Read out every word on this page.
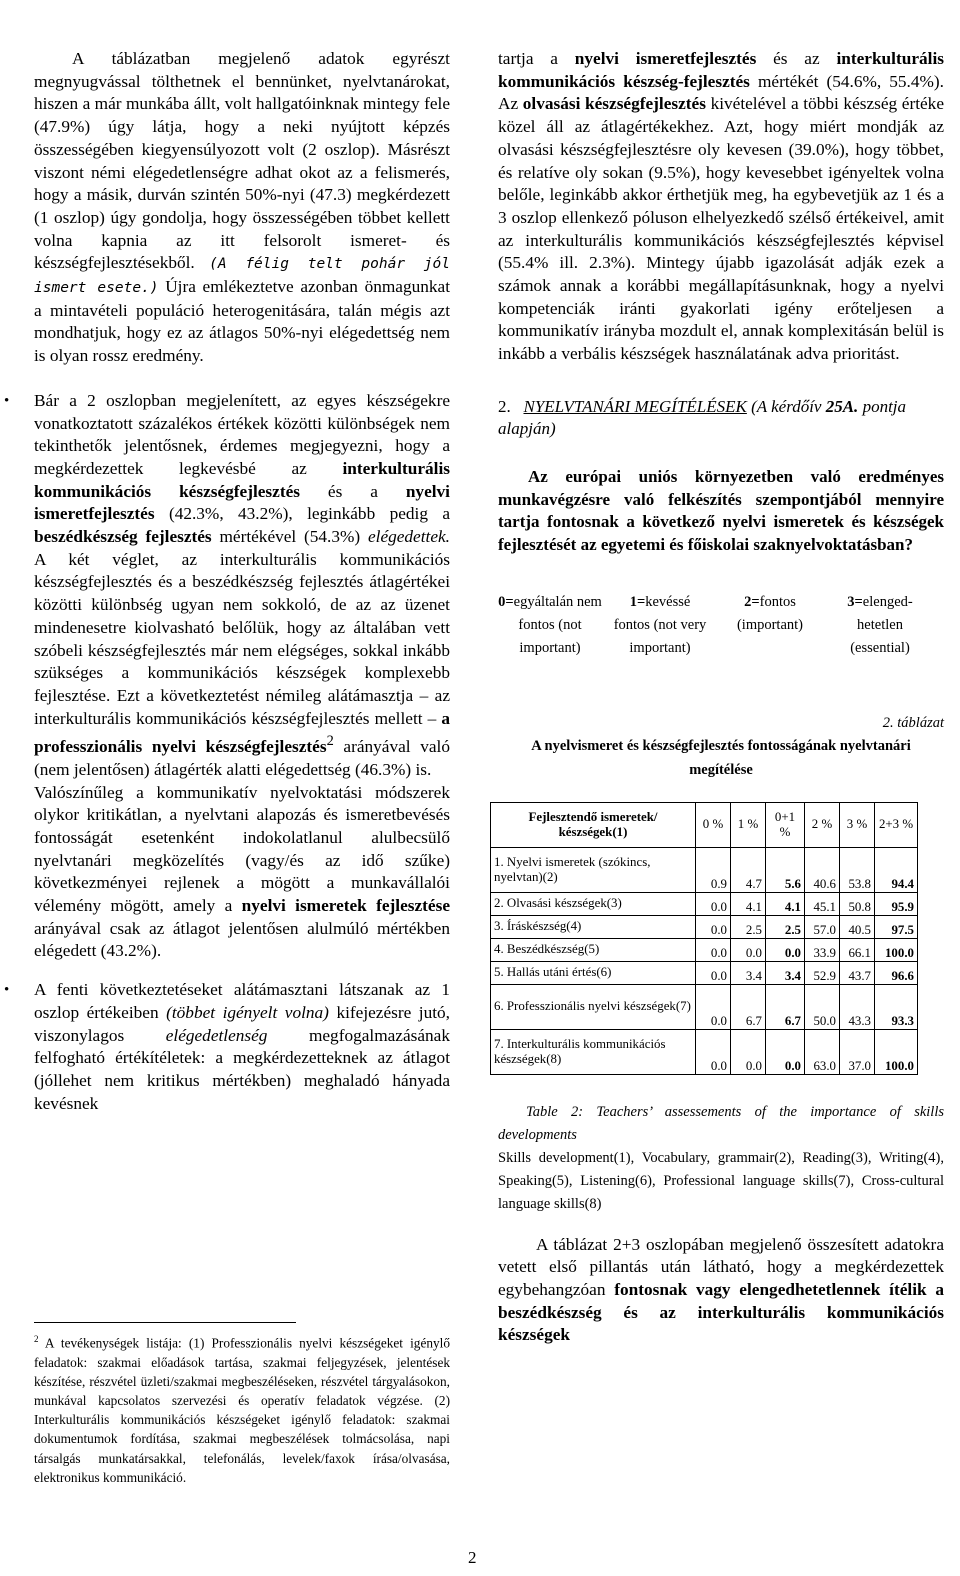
A táblázatban megjelenő adatok egyrészt megnyugvással tölthetnek el bennünket, nyelvtanárokat, hiszen a már munkába állt, volt hallgatóinknak mintegy fele (47.9%) úgy látja, hogy a neki nyújtott képzés összességében kiegyensúlyozott volt (2 oszlop). Másrészt viszont némi elégedetlenségre adhat okot az a felismerés, hogy a másik, durván szintén 50%-nyi (47.3) megkérdezett (1 oszlop) úgy gondolja, hogy összességében többet kellett volna kapnia az itt felsorolt ismeret- és készségfejlesztésekből. (A félig telt pohár jól ismert esete.) Újra emlékeztetve azonban önmagunkat a mintavételi populáció heterogenitására, talán mégis azt mondhatjuk, hogy ez az átlagos 50%-nyi elégedettség nem is olyan rossz eredmény.

• Bár a 2 oszlopban megjelenített, az egyes készségekre vonatkoztatott százalékos értékek közötti különbségek nem tekinthetők jelentősnek, érdemes megjegyezni, hogy a megkérdezettek legkevésbé az interkulturális kommunikációs készségfejlesztés és a nyelvi ismeretfejlesztés (42.3%, 43.2%), leginkább pedig a beszédkészség fejlesztés mértékével (54.3%) elégedettek. A két véglet, az interkulturális kommunikációs készségfejlesztés és a beszédkészség fejlesztés átlagértékei közötti különbség ugyan nem sokkoló, de az az üzenet mindenesetre kiolvasható belőlük, hogy az általában vett szóbeli készségfejlesztés már nem elégséges, sokkal inkább szükséges a kommunikációs készségek komplexebb fejlesztése. Ezt a következtetést némileg alátámasztja – az interkulturális kommunikációs készségfejlesztés mellett – a professzionális nyelvi készségfejlesztés$^2$ arányával való (nem jelentősen) átlagérték alatti elégedettség (46.3%) is.

Valószínűleg a kommunikatív nyelvoktatási módszerek olykor kritikátlan, a nyelvtani alapozás és ismeretbevésés fontosságát esetenként indokolatlanul alulbecsülő nyelvtanári megközelítés (vagy/és az idő szűke) következményei rejlenek a mögött a munkavállalói vélemény mögött, amely a nyelvi ismeretek fejlesztése arányával csak az átlagot jelentősen alulmúló mértékben elégedett (43.2%).

• A fenti következtetéseket alátámasztani látszanak az 1 oszlop értékeiben (többet igényelt volna) kifejezésre jutó, viszonylagos elégedetlenség megfogalmazásának felfogható értékítéletek: a megkérdezetteknek az átlagot (jóllehet nem kritikus mértékben) meghaladó hányada kevésnek

$^2$ A tevékenységek listája: (1) Professzionális nyelvi készségeket igénylő feladatok: szakmai előadások tartása, szakmai feljegyzések, jelentések készítése, részvétel üzleti/szakmai megbeszéléseken, részvétel tárgyalásokon, munkával kapcsolatos szervezési és operatív feladatok végzése. (2) Interkulturális kommunikációs készségeket igénylő feladatok: szakmai dokumentumok fordítása, szakmai megbeszélések tolmácsolása, napi társalgás munkatársakkal, telefonálás, levelek/faxok írása/olvasása, elektronikus kommunikáció.

tartja a nyelvi ismeretfejlesztés és az interkulturális kommunikációs készség-fejlesztés mértékét (54.6%, 55.4%). Az olvasási készségfejlesztés kivételével a többi készség értéke közel áll az átlagértékekhez. Azt, hogy miért mondják az olvasási készségfejlesztésre oly kevesen (39.0%), hogy többet, és relatíve oly sokan (9.5%), hogy kevesebbet igényeltek volna belőle, leginkább akkor érthetjük meg, ha egybevetjük az 1 és a 3 oszlop ellenkező póluson elhelyezkedő szélső értékeivel, amit az interkulturális kommunikációs készségfejlesztés képvisel (55.4% ill. 2.3%). Mintegy újabb igazolását adják ezek a számok annak a korábbi megállapításunknak, hogy a nyelvi kompetenciák iránti gyakorlati igény erőteljesen a kommunikatív irányba mozdult el, annak komplexitásán belül is inkább a verbális készségek használatának adva prioritást.

2. NYELVTANÁRI MEGÍTÉLÉSEK (A kérdőív 25A. pontja alapján)
Az európai uniós környezetben való eredményes munkavégzésre való felkészítés szempontjából mennyire tartja fontosnak a következő nyelvi ismeretek és készségek fejlesztését az egyetemi és főiskolai szaknyelvoktatásban?
0=egyáltalán nem fontos (not important)
1=kevéssé fontos (not very important)
2=fontos (important)
3=elenged-hetetlen (essential)
2. táblázat
A nyelvismeret és készségfejlesztés fontosságának nyelvtanári megítélése
Fejlesztendő ismeretek/ készségek(1)	0 %	1 %	0+1 %	2 %	3 %	2+3 %
1. Nyelvi ismeretek (szókincs, nyelvtan)(2)	0.9	4.7	5.6	40.6	53.8	94.4
2. Olvasási készségek(3)	0.0	4.1	4.1	45.1	50.8	95.9
3. Íráskészség(4)	0.0	2.5	2.5	57.0	40.5	97.5
4. Beszédkészség(5)	0.0	0.0	0.0	33.9	66.1	100.0
5. Hallás utáni értés(6)	0.0	3.4	3.4	52.9	43.7	96.6
6. Professzionális nyelvi készségek(7)	0.0	6.7	6.7	50.0	43.3	93.3
7. Interkulturális kommunikációs készségek(8)	0.0	0.0	0.0	63.0	37.0	100.0
Table 2: Teachers’ assessements of the importance of skills developments
Skills development(1), Vocabulary, grammair(2), Reading(3), Writing(4), Speaking(5), Listening(6), Professional language skills(7), Cross-cultural language skills(8)

A táblázat 2+3 oszlopában megjelenő összesített adatokra vetett első pillantás után látható, hogy a megkérdezettek egybehangzóan fontosnak vagy elengedhetetlennek ítélik a beszédkészség és az interkulturális kommunikációs készségek

2
